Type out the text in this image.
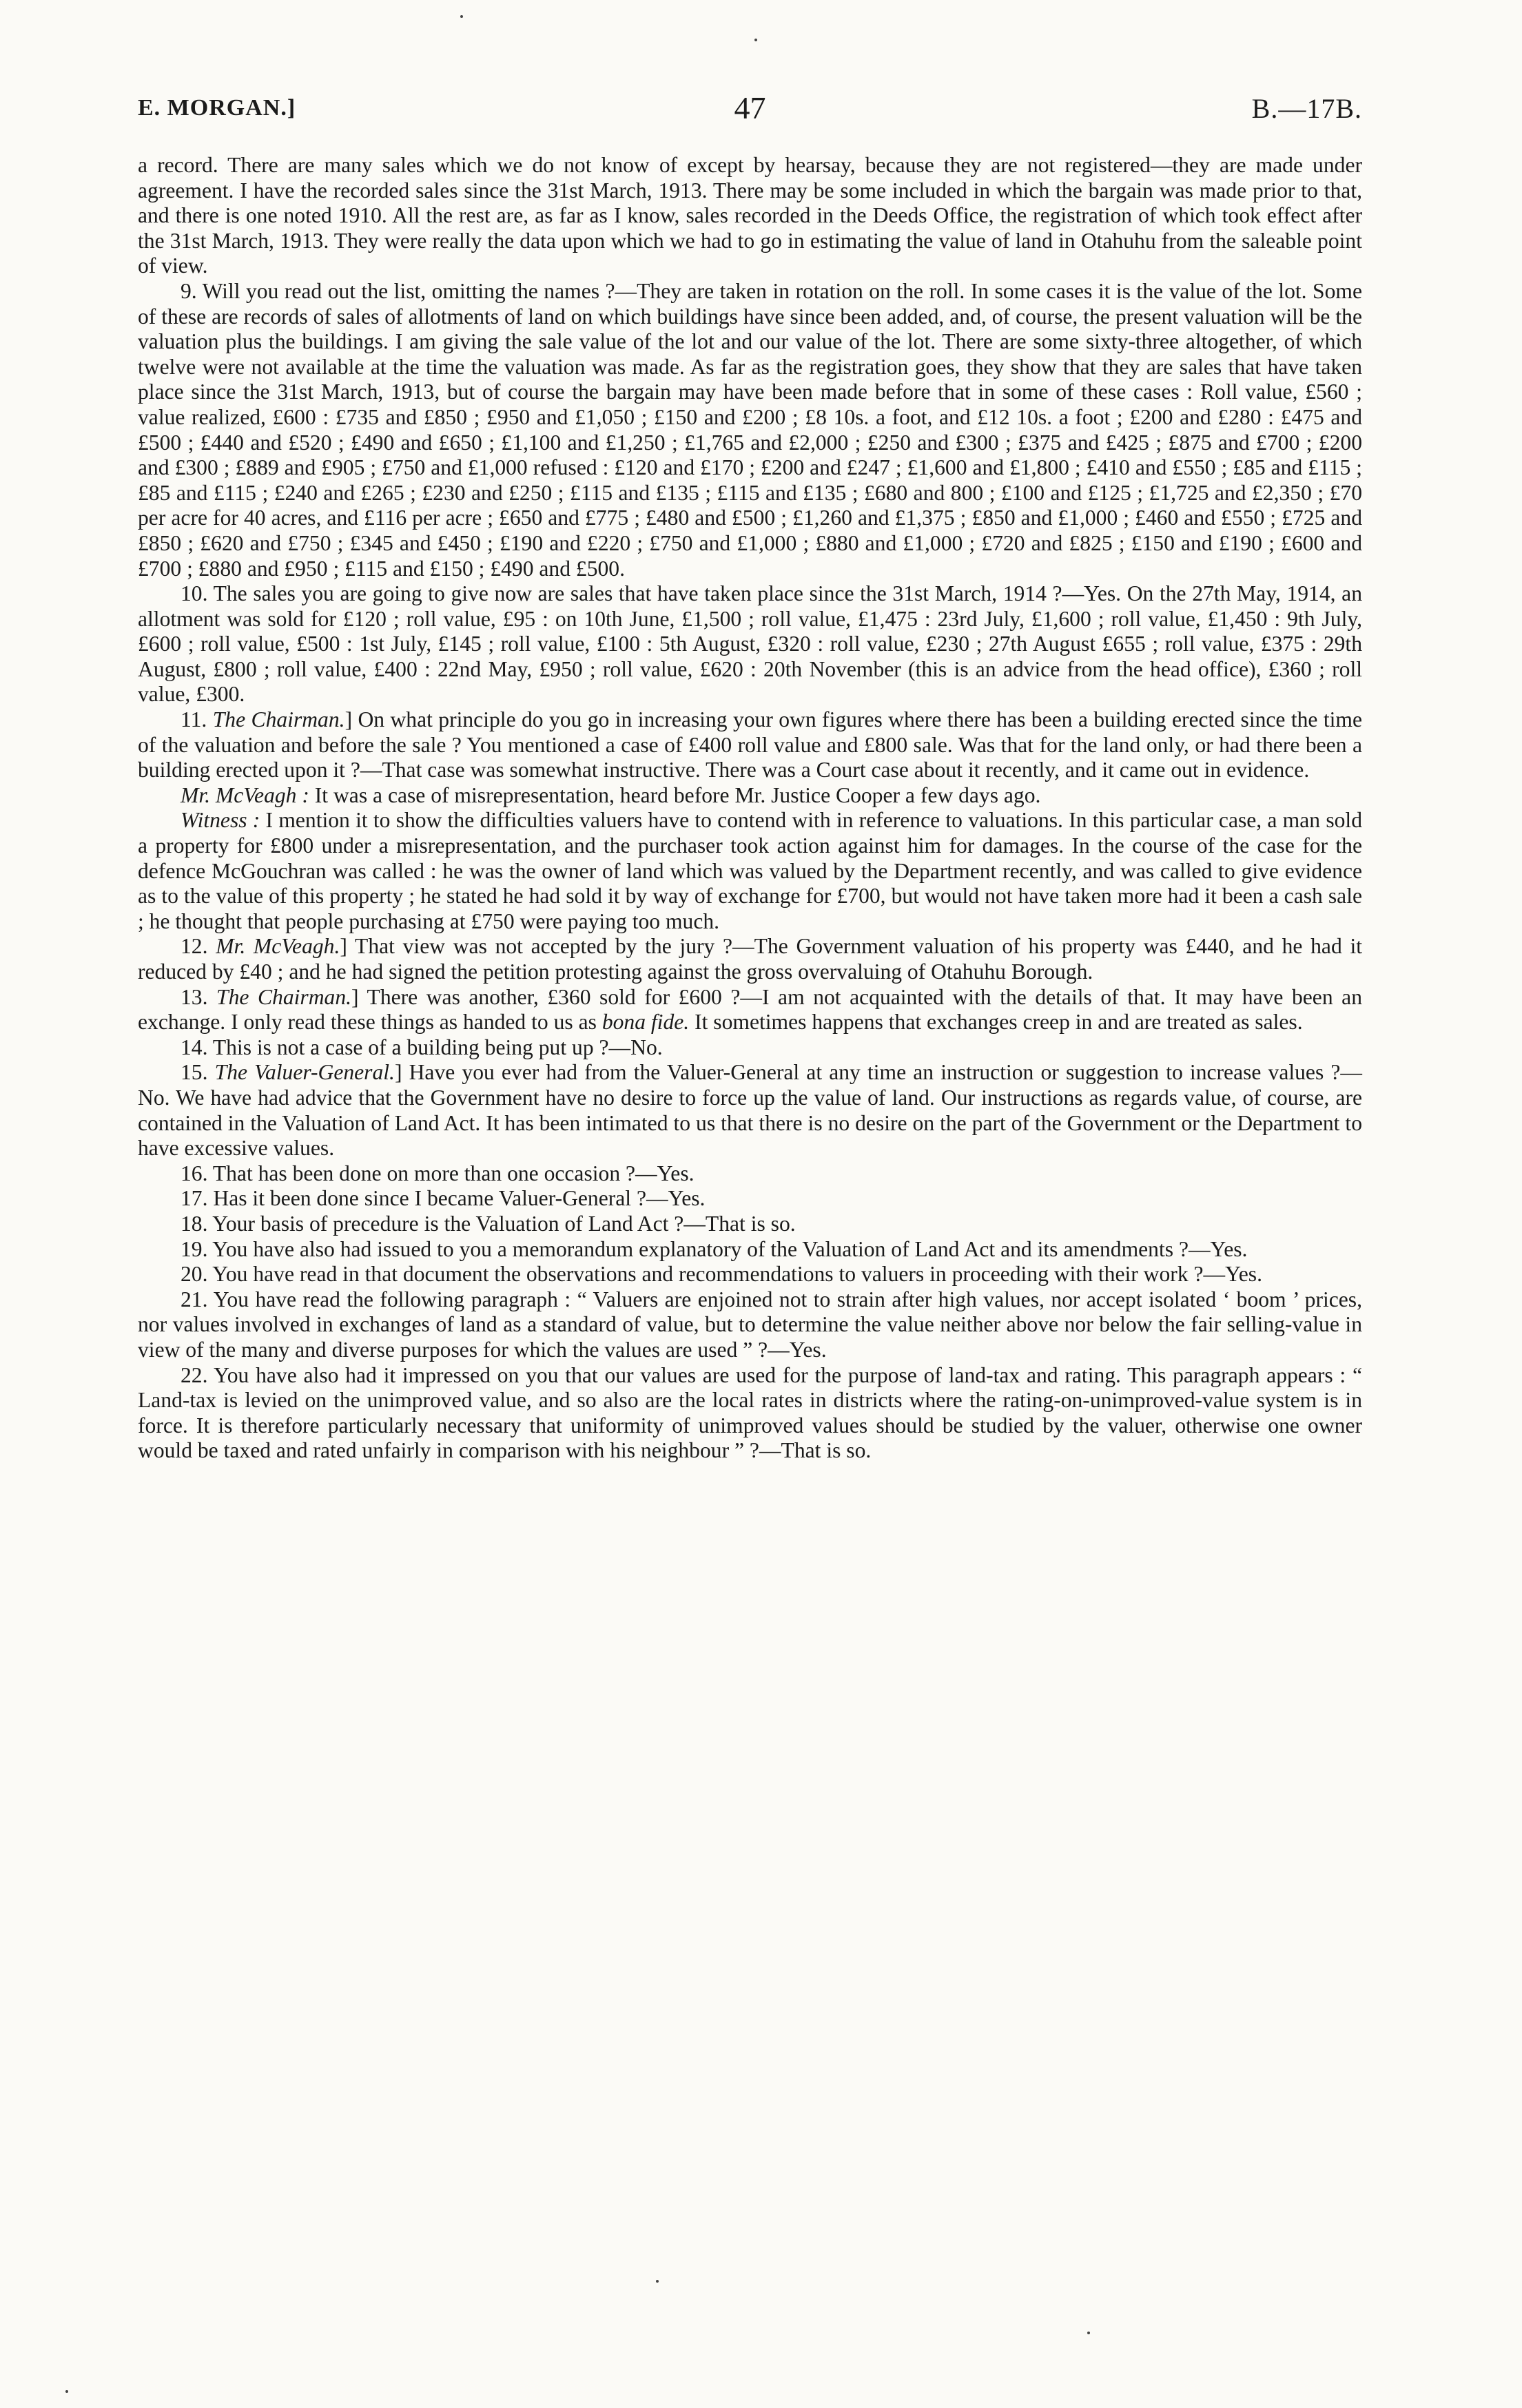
E. MORGAN.]	47	B.—17B.

a record. There are many sales which we do not know of except by hearsay, because they are not registered—they are made under agreement. I have the recorded sales since the 31st March, 1913. There may be some included in which the bargain was made prior to that, and there is one noted 1910. All the rest are, as far as I know, sales recorded in the Deeds Office, the registration of which took effect after the 31st March, 1913. They were really the data upon which we had to go in estimating the value of land in Otahuhu from the saleable point of view.

9. Will you read out the list, omitting the names ?—They are taken in rotation on the roll. In some cases it is the value of the lot. Some of these are records of sales of allotments of land on which buildings have since been added, and, of course, the present valuation will be the valuation plus the buildings. I am giving the sale value of the lot and our value of the lot. There are some sixty-three altogether, of which twelve were not available at the time the valuation was made. As far as the registration goes, they show that they are sales that have taken place since the 31st March, 1913, but of course the bargain may have been made before that in some of these cases : Roll value, £560 ; value realized, £600 : £735 and £850 ; £950 and £1,050 ; £150 and £200 ; £8 10s. a foot, and £12 10s. a foot ; £200 and £280 : £475 and £500 ; £440 and £520 ; £490 and £650 ; £1,100 and £1,250 ; £1,765 and £2,000 ; £250 and £300 ; £375 and £425 ; £875 and £700 ; £200 and £300 ; £889 and £905 ; £750 and £1,000 refused : £120 and £170 ; £200 and £247 ; £1,600 and £1,800 ; £410 and £550 ; £85 and £115 ; £85 and £115 ; £240 and £265 ; £230 and £250 ; £115 and £135 ; £115 and £135 ; £680 and 800 ; £100 and £125 ; £1,725 and £2,350 ; £70 per acre for 40 acres, and £116 per acre ; £650 and £775 ; £480 and £500 ; £1,260 and £1,375 ; £850 and £1,000 ; £460 and £550 ; £725 and £850 ; £620 and £750 ; £345 and £450 ; £190 and £220 ; £750 and £1,000 ; £880 and £1,000 ; £720 and £825 ; £150 and £190 ; £600 and £700 ; £880 and £950 ; £115 and £150 ; £490 and £500.

10. The sales you are going to give now are sales that have taken place since the 31st March, 1914 ?—Yes. On the 27th May, 1914, an allotment was sold for £120 ; roll value, £95 : on 10th June, £1,500 ; roll value, £1,475 : 23rd July, £1,600 ; roll value, £1,450 : 9th July, £600 ; roll value, £500 : 1st July, £145 ; roll value, £100 : 5th August, £320 : roll value, £230 ; 27th August £655 ; roll value, £375 : 29th August, £800 ; roll value, £400 : 22nd May, £950 ; roll value, £620 : 20th November (this is an advice from the head office), £360 ; roll value, £300.

11. The Chairman.] On what principle do you go in increasing your own figures where there has been a building erected since the time of the valuation and before the sale ? You mentioned a case of £400 roll value and £800 sale. Was that for the land only, or had there been a building erected upon it ?—That case was somewhat instructive. There was a Court case about it recently, and it came out in evidence.

Mr. McVeagh : It was a case of misrepresentation, heard before Mr. Justice Cooper a few days ago.

Witness : I mention it to show the difficulties valuers have to contend with in reference to valuations. In this particular case, a man sold a property for £800 under a misrepresentation, and the purchaser took action against him for damages. In the course of the case for the defence McGouchran was called : he was the owner of land which was valued by the Department recently, and was called to give evidence as to the value of this property ; he stated he had sold it by way of exchange for £700, but would not have taken more had it been a cash sale ; he thought that people purchasing at £750 were paying too much.

12. Mr. McVeagh.] That view was not accepted by the jury ?—The Government valuation of his property was £440, and he had it reduced by £40 ; and he had signed the petition protesting against the gross overvaluing of Otahuhu Borough.

13. The Chairman.] There was another, £360 sold for £600 ?—I am not acquainted with the details of that. It may have been an exchange. I only read these things as handed to us as bona fide. It sometimes happens that exchanges creep in and are treated as sales.

14. This is not a case of a building being put up ?—No.

15. The Valuer-General.] Have you ever had from the Valuer-General at any time an instruction or suggestion to increase values ?—No. We have had advice that the Government have no desire to force up the value of land. Our instructions as regards value, of course, are contained in the Valuation of Land Act. It has been intimated to us that there is no desire on the part of the Government or the Department to have excessive values.

16. That has been done on more than one occasion ?—Yes.

17. Has it been done since I became Valuer-General ?—Yes.

18. Your basis of precedure is the Valuation of Land Act ?—That is so.

19. You have also had issued to you a memorandum explanatory of the Valuation of Land Act and its amendments ?—Yes.

20. You have read in that document the observations and recommendations to valuers in proceeding with their work ?—Yes.

21. You have read the following paragraph : “ Valuers are enjoined not to strain after high values, nor accept isolated ‘ boom ’ prices, nor values involved in exchanges of land as a standard of value, but to determine the value neither above nor below the fair selling-value in view of the many and diverse purposes for which the values are used ” ?—Yes.

22. You have also had it impressed on you that our values are used for the purpose of land-tax and rating. This paragraph appears : “ Land-tax is levied on the unimproved value, and so also are the local rates in districts where the rating-on-unimproved-value system is in force. It is therefore particularly necessary that uniformity of unimproved values should be studied by the valuer, otherwise one owner would be taxed and rated unfairly in comparison with his neighbour ” ?—That is so.
